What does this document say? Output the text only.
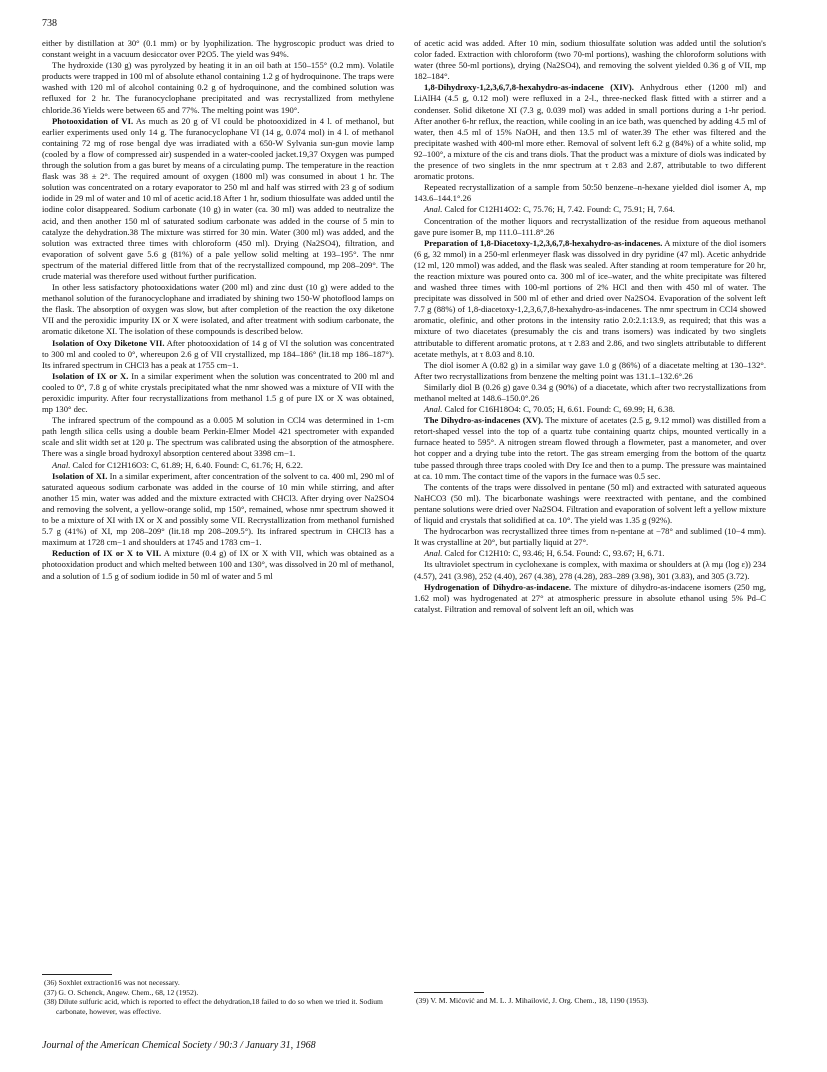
738

either by distillation at 30° (0.1 mm) or by lyophilization. The hygroscopic product was dried to constant weight in a vacuum desiccator over P2O5. The yield was 94%.

The hydroxide (130 g) was pyrolyzed by heating it in an oil bath at 150–155° (0.2 mm). Volatile products were trapped in 100 ml of absolute ethanol containing 1.2 g of hydroquinone. The traps were washed with 120 ml of alcohol containing 0.2 g of hydroquinone, and the combined solution was refluxed for 2 hr. The furanocyclophane precipitated and was recrystallized from methylene chloride.36 Yields were between 65 and 77%. The melting point was 190°.

Photooxidation of VI. As much as 20 g of VI could be photooxidized in 4 l. of methanol, but earlier experiments used only 14 g. The furanocyclophane VI (14 g, 0.074 mol) in 4 l. of methanol containing 72 mg of rose bengal dye was irradiated with a 650-W Sylvania sun-gun movie lamp (cooled by a flow of compressed air) suspended in a water-cooled jacket.19,37 Oxygen was pumped through the solution from a gas buret by means of a circulating pump. The temperature in the reaction flask was 38 ± 2°. The required amount of oxygen (1800 ml) was consumed in about 1 hr. The solution was concentrated on a rotary evaporator to 250 ml and half was stirred with 23 g of sodium iodide in 29 ml of water and 10 ml of acetic acid.18 After 1 hr, sodium thiosulfate was added until the iodine color disappeared. Sodium carbonate (10 g) in water (ca. 30 ml) was added to neutralize the acid, and then another 150 ml of saturated sodium carbonate was added in the course of 5 min to catalyze the dehydration.38 The mixture was stirred for 30 min. Water (300 ml) was added, and the solution was extracted three times with chloroform (450 ml). Drying (Na2SO4), filtration, and evaporation of solvent gave 5.6 g (81%) of a pale yellow solid melting at 193–195°. The nmr spectrum of the material differed little from that of the recrystallized compound, mp 208–209°. The crude material was therefore used without further purification.

In other less satisfactory photooxidations water (200 ml) and zinc dust (10 g) were added to the methanol solution of the furanocyclophane and irradiated by shining two 150-W photoflood lamps on the flask. The absorption of oxygen was slow, but after completion of the reaction the oxy diketone VII and the peroxidic impurity IX or X were isolated, and after treatment with sodium carbonate, the aromatic diketone XI. The isolation of these compounds is described below.

Isolation of Oxy Diketone VII. After photooxidation of 14 g of VI the solution was concentrated to 300 ml and cooled to 0°, whereupon 2.6 g of VII crystallized, mp 184–186° (lit.18 mp 186–187°). Its infrared spectrum in CHCl3 has a peak at 1755 cm−1.

Isolation of IX or X. In a similar experiment when the solution was concentrated to 200 ml and cooled to 0°, 7.8 g of white crystals precipitated what the nmr showed was a mixture of VII with the peroxidic impurity. After four recrystallizations from methanol 1.5 g of pure IX or X was obtained, mp 130° dec.

The infrared spectrum of the compound as a 0.005 M solution in CCl4 was determined in 1-cm path length silica cells using a double beam Perkin-Elmer Model 421 spectrometer with expanded scale and slit width set at 120 μ. The spectrum was calibrated using the absorption of the atmosphere. There was a single broad hydroxyl absorption centered about 3398 cm−1.

Anal. Calcd for C12H16O3: C, 61.89; H, 6.40. Found: C, 61.76; H, 6.22.

Isolation of XI. In a similar experiment, after concentration of the solvent to ca. 400 ml, 290 ml of saturated aqueous sodium carbonate was added in the course of 10 min while stirring, and after another 15 min, water was added and the mixture extracted with CHCl3. After drying over Na2SO4 and removing the solvent, a yellow-orange solid, mp 150°, remained, whose nmr spectrum showed it to be a mixture of XI with IX or X and possibly some VII. Recrystallization from methanol furnished 5.7 g (41%) of XI, mp 208–209° (lit.18 mp 208–209.5°). Its infrared spectrum in CHCl3 has a maximum at 1728 cm−1 and shoulders at 1745 and 1783 cm−1.

Reduction of IX or X to VII. A mixture (0.4 g) of IX or X with VII, which was obtained as a photooxidation product and which melted between 100 and 130°, was dissolved in 20 ml of methanol, and a solution of 1.5 g of sodium iodide in 50 ml of water and 5 ml

of acetic acid was added. After 10 min, sodium thiosulfate solution was added until the solution's color faded. Extraction with chloroform (two 70-ml portions), washing the chloroform solutions with water (three 50-ml portions), drying (Na2SO4), and removing the solvent yielded 0.36 g of VII, mp 182–184°.

1,8-Dihydroxy-1,2,3,6,7,8-hexahydro-as-indacene (XIV). Anhydrous ether (1200 ml) and LiAlH4 (4.5 g, 0.12 mol) were refluxed in a 2-l., three-necked flask fitted with a stirrer and a condenser. Solid diketone XI (7.3 g, 0.039 mol) was added in small portions during a 1-hr period. After another 6-hr reflux, the reaction, while cooling in an ice bath, was quenched by adding 4.5 ml of water, then 4.5 ml of 15% NaOH, and then 13.5 ml of water.39 The ether was filtered and the precipitate washed with 400-ml more ether. Removal of solvent left 6.2 g (84%) of a white solid, mp 92–100°, a mixture of the cis and trans diols. That the product was a mixture of diols was indicated by the presence of two singlets in the nmr spectrum at τ 2.83 and 2.87, attributable to two different aromatic protons.

Repeated recrystallization of a sample from 50:50 benzene–n-hexane yielded diol isomer A, mp 143.6–144.1°.26

Anal. Calcd for C12H14O2: C, 75.76; H, 7.42. Found: C, 75.91; H, 7.64.

Concentration of the mother liquors and recrystallization of the residue from aqueous methanol gave pure isomer B, mp 111.0–111.8°.26

Preparation of 1,8-Diacetoxy-1,2,3,6,7,8-hexahydro-as-indacenes. A mixture of the diol isomers (6 g, 32 mmol) in a 250-ml erlenmeyer flask was dissolved in dry pyridine (47 ml). Acetic anhydride (12 ml, 120 mmol) was added, and the flask was sealed. After standing at room temperature for 20 hr, the reaction mixture was poured onto ca. 300 ml of ice–water, and the white precipitate was filtered and washed three times with 100-ml portions of 2% HCl and then with 450 ml of water. The precipitate was dissolved in 500 ml of ether and dried over Na2SO4. Evaporation of the solvent left 7.7 g (88%) of 1,8-diacetoxy-1,2,3,6,7,8-hexahydro-as-indacenes. The nmr spectrum in CCl4 showed aromatic, olefinic, and other protons in the intensity ratio 2.0:2.1:13.9, as required; that this was a mixture of two diacetates (presumably the cis and trans isomers) was indicated by two singlets attributable to different aromatic protons, at τ 2.83 and 2.86, and two singlets attributable to different acetate methyls, at τ 8.03 and 8.10.

The diol isomer A (0.82 g) in a similar way gave 1.0 g (86%) of a diacetate melting at 130–132°. After two recrystallizations from benzene the melting point was 131.1–132.6°.26

Similarly diol B (0.26 g) gave 0.34 g (90%) of a diacetate, which after two recrystallizations from methanol melted at 148.6–150.0°.26

Anal. Calcd for C16H18O4: C, 70.05; H, 6.61. Found: C, 69.99; H, 6.38.

The Dihydro-as-indacenes (XV). The mixture of acetates (2.5 g, 9.12 mmol) was distilled from a retort-shaped vessel into the top of a quartz tube containing quartz chips, mounted vertically in a furnace heated to 595°. A nitrogen stream flowed through a flowmeter, past a manometer, and over hot copper and a drying tube into the retort. The gas stream emerging from the bottom of the quartz tube passed through three traps cooled with Dry Ice and then to a pump. The pressure was maintained at ca. 10 mm. The contact time of the vapors in the furnace was 0.5 sec.

The contents of the traps were dissolved in pentane (50 ml) and extracted with saturated aqueous NaHCO3 (50 ml). The bicarbonate washings were reextracted with pentane, and the combined pentane solutions were dried over Na2SO4. Filtration and evaporation of solvent left a yellow mixture of liquid and crystals that solidified at ca. 10°. The yield was 1.35 g (92%).

The hydrocarbon was recrystallized three times from n-pentane at −78° and sublimed (10−4 mm). It was crystalline at 20°, but partially liquid at 27°.

Anal. Calcd for C12H10: C, 93.46; H, 6.54. Found: C, 93.67; H, 6.71.

Its ultraviolet spectrum in cyclohexane is complex, with maxima or shoulders at (λ mμ (log ε)) 234 (4.57), 241 (3.98), 252 (4.40), 267 (4.38), 278 (4.28), 283–289 (3.98), 301 (3.83), and 305 (3.72).

Hydrogenation of Dihydro-as-indacene. The mixture of dihydro-as-indacene isomers (250 mg, 1.62 mol) was hydrogenated at 27° at atmospheric pressure in absolute ethanol using 5% Pd–C catalyst. Filtration and removal of solvent left an oil, which was

(36) Soxhlet extraction16 was not necessary.

(37) G. O. Schenck, Angew. Chem., 68, 12 (1952).

(38) Dilute sulfuric acid, which is reported to effect the dehydration,18 failed to do so when we tried it. Sodium carbonate, however, was effective.

(39) V. M. Mićović and M. L. J. Mihailović, J. Org. Chem., 18, 1190 (1953).

Journal of the American Chemical Society / 90:3 / January 31, 1968
